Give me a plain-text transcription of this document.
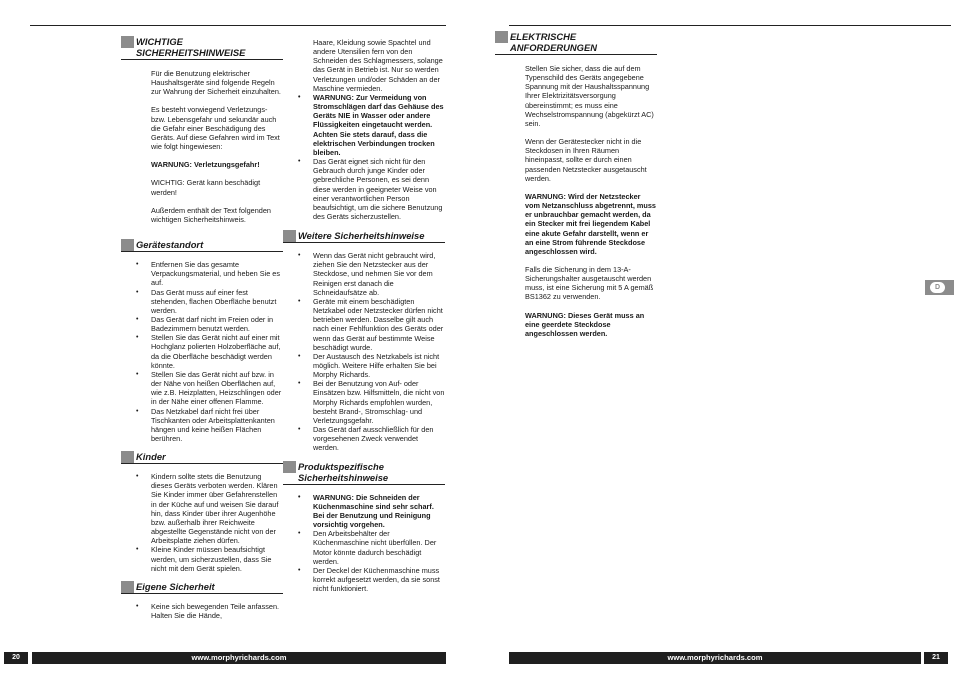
WICHTIGE SICHERHEITSHINWEISE

Für die Benutzung elektrischer Haushaltsgeräte sind folgende Regeln zur Wahrung der Sicherheit einzuhalten.

Es besteht vorwiegend Verletzungs- bzw. Lebensgefahr und sekundär auch die Gefahr einer Beschädigung des Geräts. Auf diese Gefahren wird im Text wie folgt hingewiesen:

WARNUNG: Verletzungsgefahr!

WICHTIG: Gerät kann beschädigt werden!

Außerdem enthält der Text folgenden wichtigen Sicherheitshinweis.

Gerätestandort
• Entfernen Sie das gesamte Verpackungsmaterial, und heben Sie es auf.
• Das Gerät muss auf einer fest stehenden, flachen Oberfläche benutzt werden.
• Das Gerät darf nicht im Freien oder in Badezimmern benutzt werden.
• Stellen Sie das Gerät nicht auf einer mit Hochglanz polierten Holzoberfläche auf, da die Oberfläche beschädigt werden könnte.
• Stellen Sie das Gerät nicht auf bzw. in der Nähe von heißen Oberflächen auf, wie z.B. Heizplatten, Heizschlingen oder in der Nähe einer offenen Flamme.
• Das Netzkabel darf nicht frei über Tischkanten oder Arbeitsplattenkanten hängen und keine heißen Flächen berühren.
Kinder
• Kindern sollte stets die Benutzung dieses Geräts verboten werden. Klären Sie Kinder immer über Gefahrenstellen in der Küche auf und weisen Sie darauf hin, dass Kinder über ihrer Augenhöhe bzw. außerhalb ihrer Reichweite abgestellte Gegenstände nicht von der Arbeitsplatte ziehen dürfen.
• Kleine Kinder müssen beaufsichtigt werden, um sicherzustellen, dass Sie nicht mit dem Gerät spielen.
Eigene Sicherheit
• Keine sich bewegenden Teile anfassen. Halten Sie die Hände,

Haare, Kleidung sowie Spachtel und andere Utensilien fern von den Schneiden des Schlagmessers, solange das Gerät in Betrieb ist. Nur so werden Verletzungen und/oder Schäden an der Maschine vermieden.

• WARNUNG: Zur Vermeidung von Stromschlägen darf das Gehäuse des Geräts NIE in Wasser oder andere Flüssigkeiten eingetaucht werden. Achten Sie stets darauf, dass die elektrischen Verbindungen trocken bleiben.
• Das Gerät eignet sich nicht für den Gebrauch durch junge Kinder oder gebrechliche Personen, es sei denn diese werden in geeigneter Weise von einer verantwortlichen Person beaufsichtigt, um die sichere Benutzung des Geräts sicherzustellen.
Weitere Sicherheitshinweise
• Wenn das Gerät nicht gebraucht wird, ziehen Sie den Netzstecker aus der Steckdose, und nehmen Sie vor dem Reinigen erst danach die Schneidaufsätze ab.
• Geräte mit einem beschädigten Netzkabel oder Netzstecker dürfen nicht betrieben werden. Dasselbe gilt auch nach einer Fehlfunktion des Geräts oder wenn das Gerät auf bestimmte Weise beschädigt wurde.
• Der Austausch des Netzkabels ist nicht möglich. Weitere Hilfe erhalten Sie bei Morphy Richards.
• Bei der Benutzung von Auf- oder Einsätzen bzw. Hilfsmitteln, die nicht von Morphy Richards empfohlen wurden, besteht Brand-, Stromschlag- und Verletzungsgefahr.
• Das Gerät darf ausschließlich für den vorgesehenen Zweck verwendet werden.
Produktspezifische Sicherheitshinweise
• WARNUNG: Die Schneiden der Küchenmaschine sind sehr scharf. Bei der Benutzung und Reinigung vorsichtig vorgehen.
• Den Arbeitsbehälter der Küchenmaschine nicht überfüllen. Der Motor könnte dadurch beschädigt werden.
• Der Deckel der Küchenmaschine muss korrekt aufgesetzt werden, da sie sonst nicht funktioniert.
ELEKTRISCHE ANFORDERUNGEN

Stellen Sie sicher, dass die auf dem Typenschild des Geräts angegebene Spannung mit der Haushaltsspannung Ihrer Elektrizitätsversorgung übereinstimmt; es muss eine Wechselstromspannung (abgekürzt AC) sein.

Wenn der Gerätestecker nicht in die Steckdosen in Ihren Räumen hineinpasst, sollte er durch einen passenden Netzstecker ausgetauscht werden.

WARNUNG: Wird der Netzstecker vom Netzanschluss abgetrennt, muss er unbrauchbar gemacht werden, da ein Stecker mit frei liegendem Kabel eine akute Gefahr darstellt, wenn er an eine Strom führende Steckdose angeschlossen wird.

Falls die Sicherung in dem 13-A-Sicherungshalter ausgetauscht werden muss, ist eine Sicherung mit 5 A gemäß BS1362 zu verwenden.

WARNUNG: Dieses Gerät muss an eine geerdete Steckdose angeschlossen werden.

D
20	www.morphyrichards.com	www.morphyrichards.com	21
